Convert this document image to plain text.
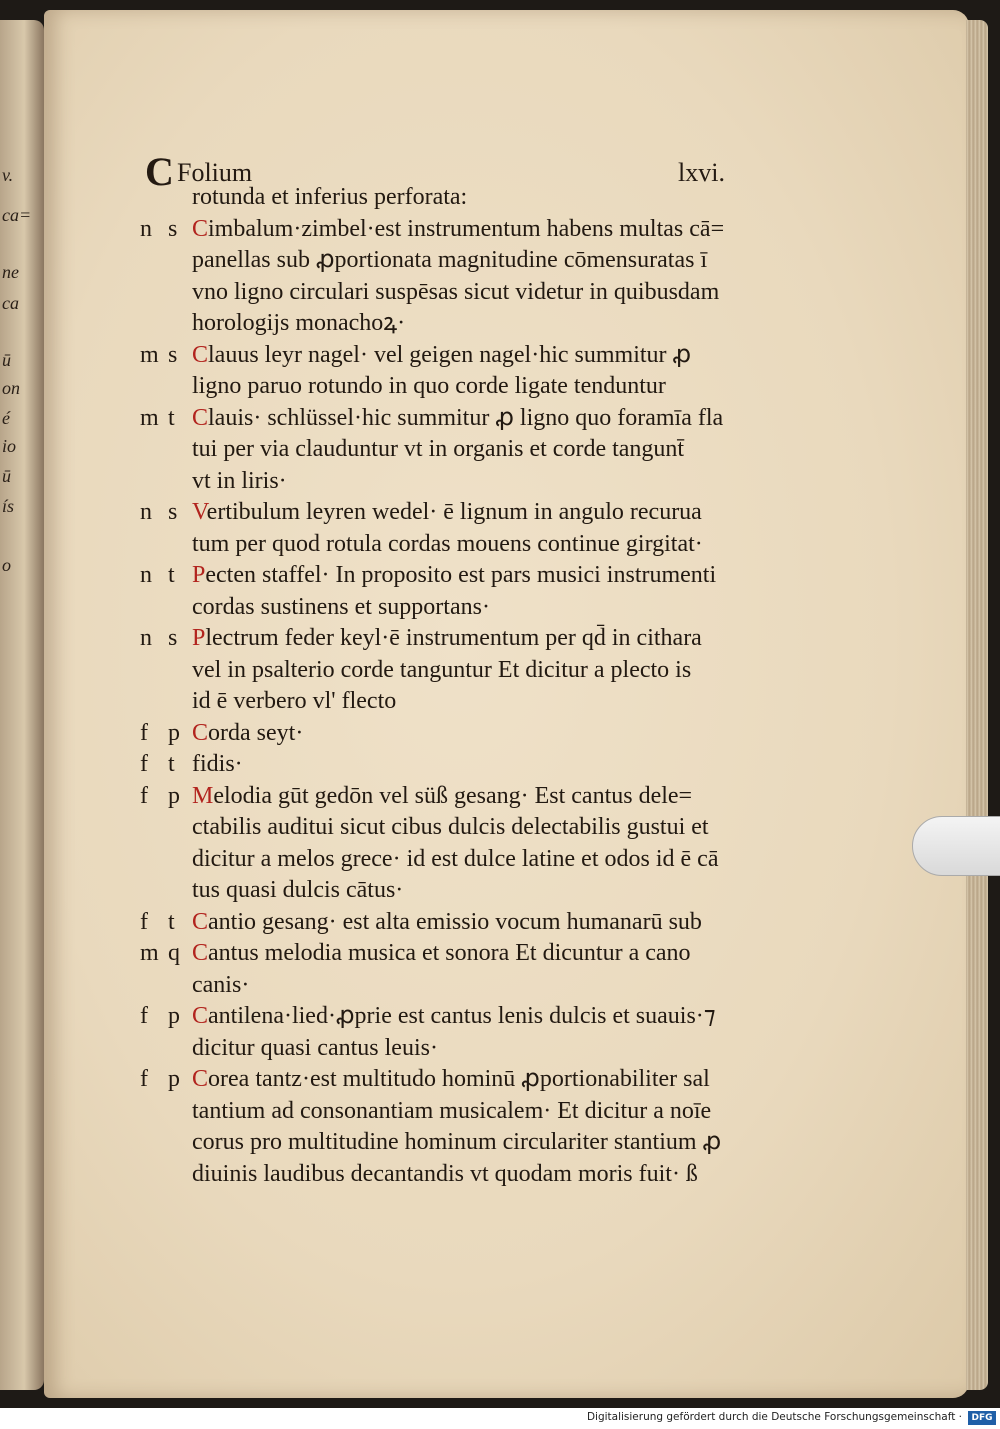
v.
ca=
ne
ca
ū
on
é
io
ū
ís
o
C Folium	lxvi.
rotunda et inferius perforata:
n s Cimbalum·zimbel·est instrumentum habens multas cā=
panellas sub ꝓportionata magnitudine cōmensuratas ī
vno ligno circulari suspēsas sicut videtur in quibusdam
horologijs monachoꝝ·
m s Clauus leyr nagel· vel geigen nagel·hic summitur ꝓ
ligno paruo rotundo in quo corde ligate tenduntur
m t Clauis· schlüssel·hic summitur ꝓ ligno quo foramīa fla
tui per via clauduntur vt in organis et corde tangunt̄
vt in liris·
n s Vertibulum leyren wedel· ē lignum in angulo recurua
tum per quod rotula cordas mouens continue girgitat·
n t Pecten staffel· In proposito est pars musici instrumenti
cordas sustinens et supportans·
n s Plectrum feder keyl·ē instrumentum per qd̄ in cithara
vel in psalterio corde tanguntur Et dicitur a plecto is
id ē verbero vl' flecto
f p Corda seyt·
f t fidis·
f p Melodia gūt gedōn vel süß gesang· Est cantus dele=
ctabilis auditui sicut cibus dulcis delectabilis gustui et
dicitur a melos grece· id est dulce latine et odos id ē cā
tus quasi dulcis cātus·
f t Cantio gesang· est alta emissio vocum humanarū sub
m q Cantus melodia musica et sonora Et dicuntur a cano
canis·
f p Cantilena·lied·ꝓprie est cantus lenis dulcis et suauis·⁊
dicitur quasi cantus leuis·
f p Corea tantz·est multitudo hominū ꝓportionabiliter sal
tantium ad consonantiam musicalem· Et dicitur a noīe
corus pro multitudine hominum circulariter stantium ꝓ
diuinis laudibus decantandis vt quodam moris fuit· ß
Digitalisierung gefördert durch die Deutsche Forschungsgemeinschaft ·	DFG
